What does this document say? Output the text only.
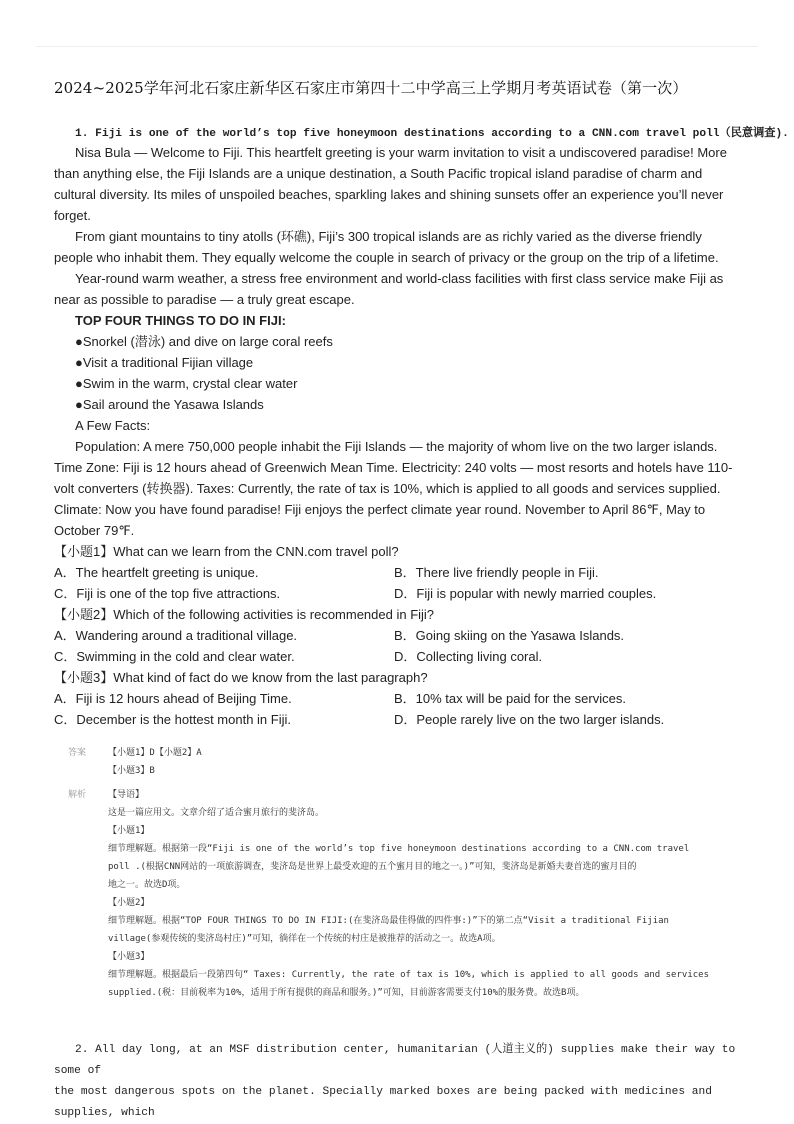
2024~2025学年河北石家庄新华区石家庄市第四十二中学高三上学期月考英语试卷（第一次）
1. Fiji is one of the world’s top five honeymoon destinations according to a CNN.com travel poll（民意调查).

Nisa Bula — Welcome to Fiji. This heartfelt greeting is your warm invitation to visit a undiscovered paradise! More than anything else, the Fiji Islands are a unique destination, a South Pacific tropical island paradise of charm and cultural diversity. Its miles of unspoiled beaches, sparkling lakes and shining sunsets offer an experience you’ll never forget.

From giant mountains to tiny atolls (环礁), Fiji’s 300 tropical islands are as richly varied as the diverse friendly people who inhabit them. They equally welcome the couple in search of privacy or the group on the trip of a lifetime.

Year-round warm weather, a stress free environment and world-class facilities with first class service make Fiji as near as possible to paradise — a truly great escape.

TOP FOUR THINGS TO DO IN FIJI:

●Snorkel (潜泳) and dive on large coral reefs

●Visit a traditional Fijian village

●Swim in the warm, crystal clear water

●Sail around the Yasawa Islands

A Few Facts:

Population: A mere 750,000 people inhabit the Fiji Islands — the majority of whom live on the two larger islands. Time Zone: Fiji is 12 hours ahead of Greenwich Mean Time. Electricity: 240 volts — most resorts and hotels have 110-volt converters (转换器). Taxes: Currently, the rate of tax is 10%, which is applied to all goods and services supplied. Climate: Now you have found paradise! Fiji enjoys the perfect climate year round. November to April 86℉, May to October 79℉.

【小题1】What can we learn from the CNN.com travel poll?

A．The heartfelt greeting is unique.	B．There live friendly people in Fiji.
C．Fiji is one of the top five attractions.	D．Fiji is popular with newly married couples.

【小题2】Which of the following activities is recommended in Fiji?

A．Wandering around a traditional village.	B．Going skiing on the Yasawa Islands.
C．Swimming in the cold and clear water.	D．Collecting living coral.

【小题3】What kind of fact do we know from the last paragraph?

A．Fiji is 12 hours ahead of Beijing Time.	B．10% tax will be paid for the services.
C．December is the hottest month in Fiji.	D．People rarely live on the two larger islands.
答案 【小题1】D【小题2】A
【小题3】B
解析 【导语】
这是一篇应用文。文章介绍了适合蜜月旅行的斐济岛。
【小题1】
细节理解题。根据第一段“Fiji is one of the world’s top five honeymoon destinations according to a CNN.com travel
poll .(根据CNN网站的一项旅游调查，斐济岛是世界上最受欢迎的五个蜜月目的地之一。)”可知，斐济岛是新婚夫妻首选的蜜月目的
地之一。故选D项。
【小题2】
细节理解题。根据“TOP FOUR THINGS TO DO IN FIJI:(在斐济岛最佳得做的四件事:)”下的第二点“Visit a traditional Fijian
village(参观传统的斐济岛村庄)”可知，徜徉在一个传统的村庄是被推荐的活动之一。故选A项。
【小题3】
细节理解题。根据最后一段第四句“ Taxes: Currently, the rate of tax is 10%, which is applied to all goods and services
supplied.(税：目前税率为10%，适用于所有提供的商品和服务。)”可知，目前游客需要支付10%的服务费。故选B项。

2. All day long, at an MSF distribution center, humanitarian (人道主义的) supplies make their way to some of

the most dangerous spots on the planet. Specially marked boxes are being packed with medicines and supplies, which
